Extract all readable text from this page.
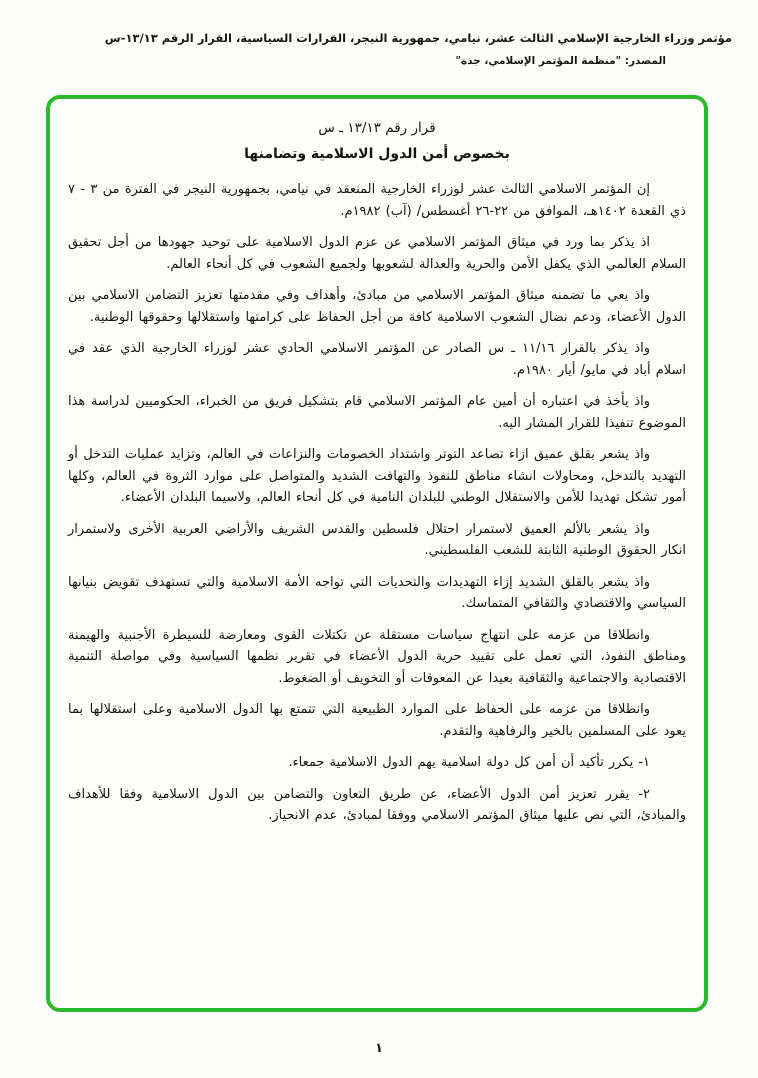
مؤتمر وزراء الخارجية الإسلامي الثالث عشر، نيامي، جمهورية النيجر، القرارات السياسية، القرار الرقم ١٣/١٣-س
المصدر: "منظمة المؤتمر الإسلامي، جدة"
قرار رقم ١٣/١٣ ـ س
بخصوص أمن الدول الاسلامية وتضامنها

إن المؤتمر الاسلامي الثالث عشر لوزراء الخارجية المنعقد في نيامي، بجمهورية النيجر في الفترة من ٣ - ٧ ذي القعدة ١٤٠٢هـ، الموافق من ٢٢-٢٦ أغسطس/ (آب) ١٩٨٢م.

اذ يذكر بما ورد في ميثاق المؤتمر الاسلامي عن عزم الدول الاسلامية على توحيد جهودها من أجل تحقيق السلام العالمي الذي يكفل الأمن والحرية والعدالة لشعوبها ولجميع الشعوب في كل أنحاء العالم.

واذ يعي ما تضمنه ميثاق المؤتمر الاسلامي من مبادئ، وأهداف وفي مقدمتها تعزيز التضامن الاسلامي بين الدول الأعضاء، ودعم نضال الشعوب الاسلامية كافة من أجل الحفاظ على كرامتها واستقلالها وحقوقها الوطنية.

واذ يذكر بالقرار ١١/١٦ ـ س الصادر عن المؤتمر الاسلامي الحادي عشر لوزراء الخارجية الذي عقد في اسلام أباد في مايو/ أيار ١٩٨٠م.

واذ يأخذ في اعتباره أن أمين عام المؤتمر الاسلامي قام بتشكيل فريق من الخبراء، الحكوميين لدراسة هذا الموضوع تنفيذا للقرار المشار اليه.

واذ يشعر بقلق عميق ازاء تصاعد التوتر واشتداد الخصومات والنزاعات في العالم، وتزايد عمليات التدخل أو التهديد بالتدخل، ومحاولات انشاء مناطق للنفوذ والتهافت الشديد والمتواصل على موارد الثروة في العالم، وكلها أمور تشكل تهديدا للأمن والاستقلال الوطني للبلدان النامية في كل أنحاء العالم، ولاسيما البلدان الأعضاء.

واذ يشعر بالألم العميق لاستمرار احتلال فلسطين والقدس الشريف والأراضي العربية الأخرى ولاستمرار انكار الحقوق الوطنية الثابتة للشعب الفلسطيني.

واذ يشعر بالقلق الشديد إزاء التهديدات والتحديات التي تواجه الأمة الاسلامية والتي تستهدف تقويض بنيانها السياسي والاقتصادي والثقافي المتماسك.

وانطلاقا من عزمه على انتهاج سياسات مستقلة عن تكتلات القوى ومعارضة للسيطرة الأجنبية والهيمنة ومناطق النفوذ، التي تعمل على تقييد حرية الدول الأعضاء في تقرير نظمها السياسية وفي مواصلة التنمية الاقتصادية والاجتماعية والثقافية بعيدا عن المعوقات أو التخويف أو الضغوط.

وانطلاقا من عزمه على الحفاظ على الموارد الطبيعية التي تتمتع بها الدول الاسلامية وعلى استقلالها بما يعود على المسلمين بالخير والرفاهية والتقدم.

١- يكرر تأكيد أن أمن كل دولة اسلامية يهم الدول الاسلامية جمعاء.

٢- يقرر تعزيز أمن الدول الأعضاء، عن طريق التعاون والتضامن بين الدول الاسلامية وفقا للأهداف والمبادئ، التي نص عليها ميثاق المؤتمر الاسلامي ووفقا لمبادئ، عدم الانحياز.

١
